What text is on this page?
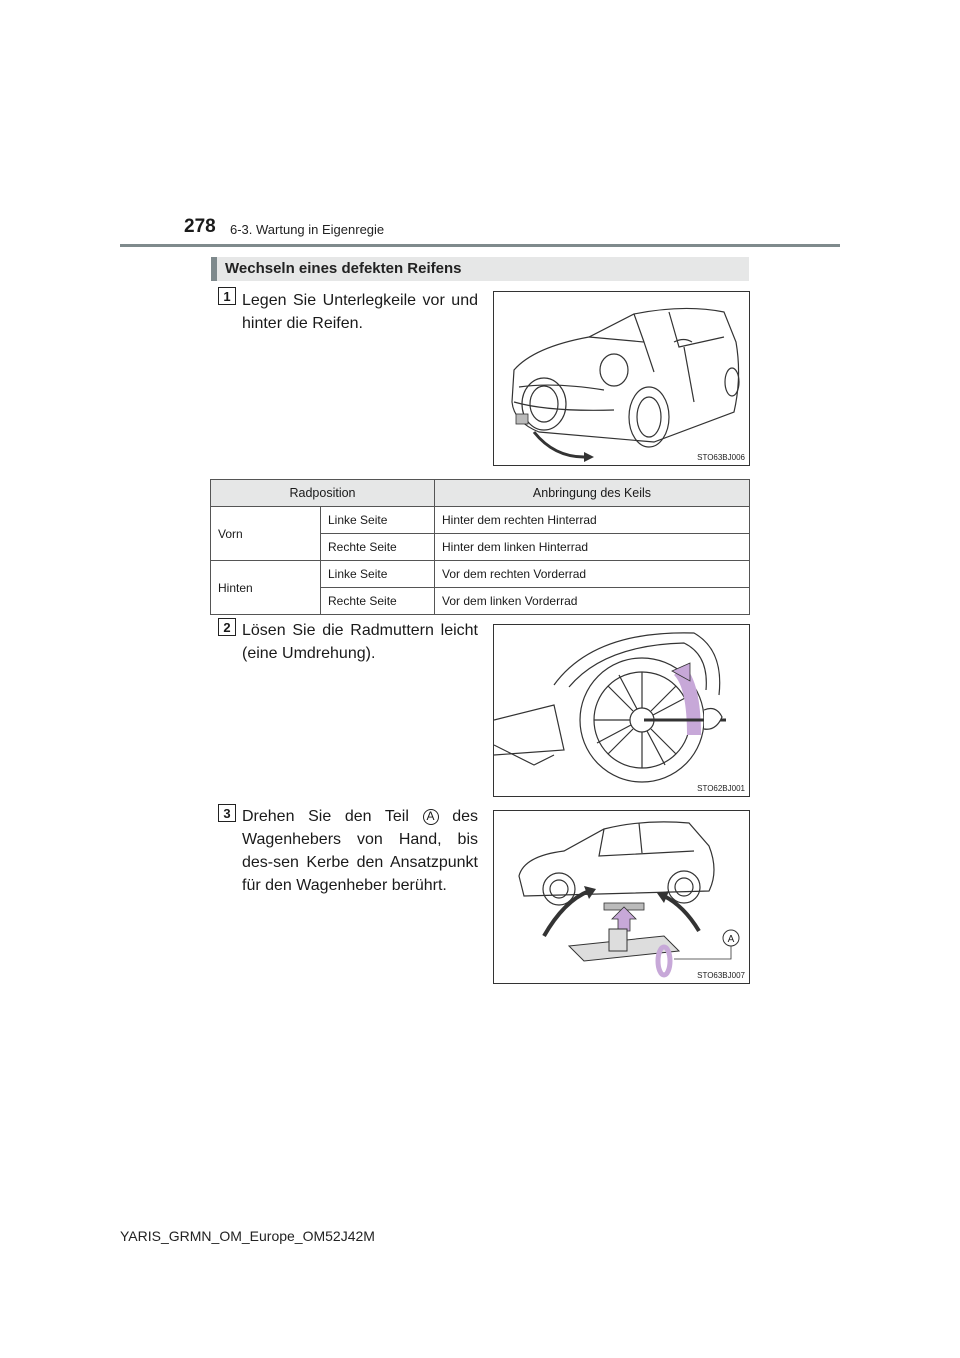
278 6-3. Wartung in Eigenregie
Wechseln eines defekten Reifens
1 Legen Sie Unterlegkeile vor und hinter die Reifen.
STO63BJ006
Radposition		Anbringung des Keils
Vorn	Linke Seite	Hinter dem rechten Hinterrad
	Rechte Seite	Hinter dem linken Hinterrad
Hinten	Linke Seite	Vor dem rechten Vorderrad
	Rechte Seite	Vor dem linken Vorderrad
2 Lösen Sie die Radmuttern leicht (eine Umdrehung).
STO62BJ001
3 Drehen Sie den Teil A des Wagenhebers von Hand, bis des-sen Kerbe den Ansatzpunkt für den Wagenheber berührt.
A
STO63BJ007
YARIS_GRMN_OM_Europe_OM52J42M
